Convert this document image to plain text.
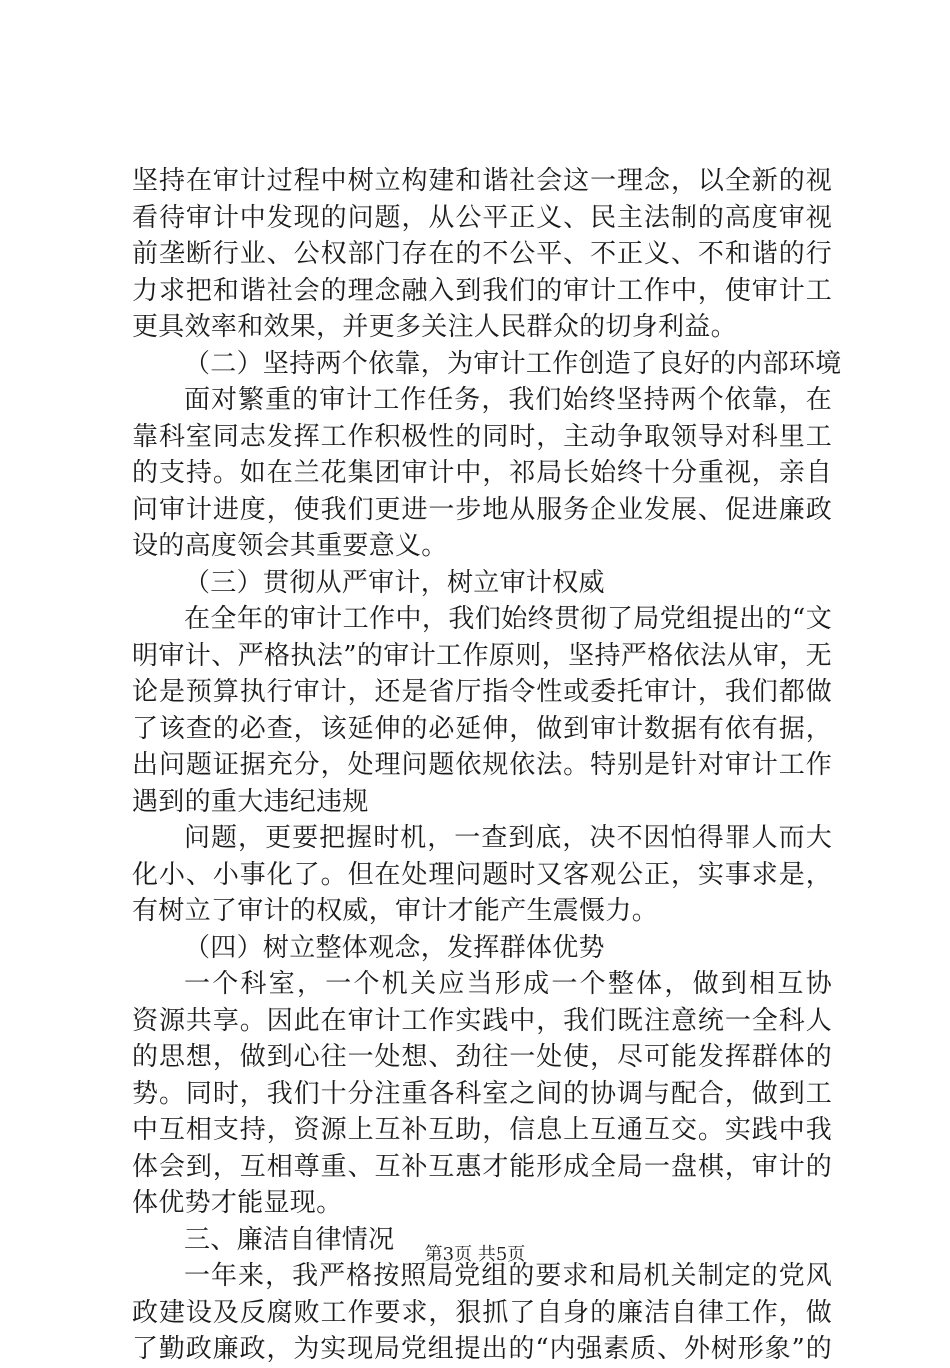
坚持在审计过程中树立构建和谐社会这一理念，以全新的视
看待审计中发现的问题，从公平正义、民主法制的高度审视
前垄断行业、公权部门存在的不公平、不正义、不和谐的行
力求把和谐社会的理念融入到我们的审计工作中，使审计工
更具效率和效果，并更多关注人民群众的切身利益。
（二）坚持两个依靠，为审计工作创造了良好的内部环境
面对繁重的审计工作任务，我们始终坚持两个依靠，在
靠科室同志发挥工作积极性的同时，主动争取领导对科里工
的支持。如在兰花集团审计中，祁局长始终十分重视，亲自
问审计进度，使我们更进一步地从服务企业发展、促进廉政
设的高度领会其重要意义。
（三）贯彻从严审计，树立审计权威
在全年的审计工作中，我们始终贯彻了局党组提出的“文
明审计、严格执法”的审计工作原则，坚持严格依法从审，无
论是预算执行审计，还是省厅指令性或委托审计，我们都做
了该查的必查，该延伸的必延伸，做到审计数据有依有据，
出问题证据充分，处理问题依规依法。特别是针对审计工作
遇到的重大违纪违规
问题，更要把握时机，一查到底，决不因怕得罪人而大
化小、小事化了。但在处理问题时又客观公正，实事求是，
有树立了审计的权威，审计才能产生震慑力。
（四）树立整体观念，发挥群体优势
一个科室，一个机关应当形成一个整体，做到相互协
资源共享。因此在审计工作实践中，我们既注意统一全科人
的思想，做到心往一处想、劲往一处使，尽可能发挥群体的
势。同时，我们十分注重各科室之间的协调与配合，做到工
中互相支持，资源上互补互助，信息上互通互交。实践中我
体会到，互相尊重、互补互惠才能形成全局一盘棋，审计的
体优势才能显现。
三、廉洁自律情况
一年来，我严格按照局党组的要求和局机关制定的党风
政建设及反腐败工作要求，狠抓了自身的廉洁自律工作，做
了勤政廉政，为实现局党组提出的“内强素质、外树形象”的
第3页 共5页
